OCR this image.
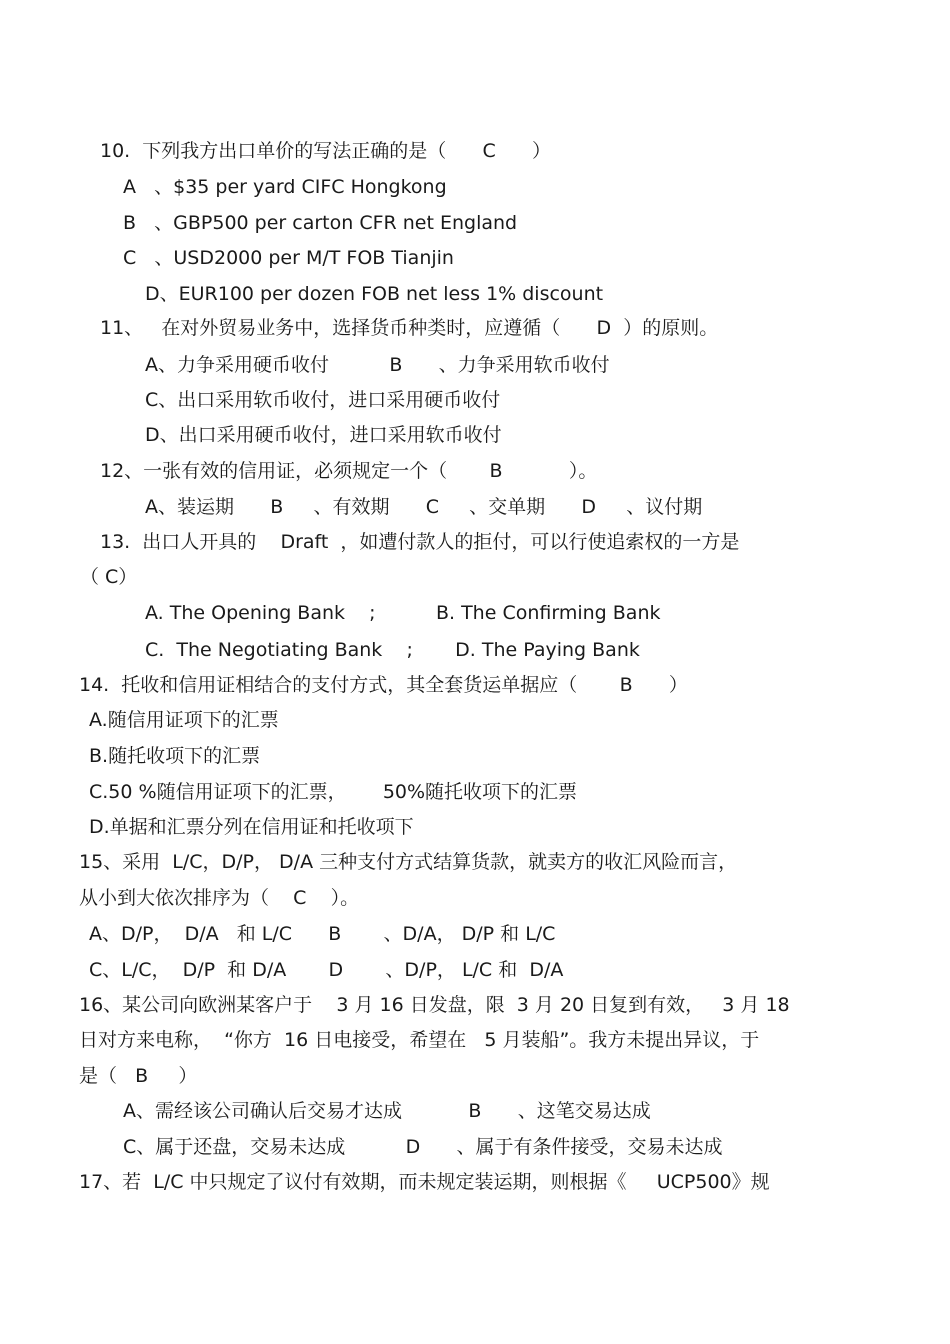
10.  下列我方出口单价的写法正确的是（      C      ）

A   、$35 per yard CIFC Hongkong

B   、GBP500 per carton CFR net England

C   、USD2000 per M/T FOB Tianjin

D、EUR100 per dozen FOB net less 1% discount

11、   在对外贸易业务中，选择货币种类时，应遵循（      D  ）的原则。

A、力争采用硬币收付          B      、力争采用软币收付

C、出口采用软币收付，进口采用硬币收付

D、出口采用硬币收付，进口采用软币收付

12、一张有效的信用证，必须规定一个（       B           ）。

A、装运期      B     、有效期      C     、交单期      D     、议付期

13.  出口人开具的    Draft  ，如遭付款人的拒付，可以行使追索权的一方是

（ C）

A. The Opening Bank    ;          B. The Confirming Bank

C.  The Negotiating Bank    ;       D. The Paying Bank

14.  托收和信用证相结合的支付方式，其全套货运单据应（       B      ）

A.随信用证项下的汇票

B.随托收项下的汇票

C.50 %随信用证项下的汇票，      50%随托收项下的汇票

D.单据和汇票分列在信用证和托收项下

15、采用  L/C，D/P， D/A 三种支付方式结算货款，就卖方的收汇风险而言，

从小到大依次排序为（    C    ）。

A、D/P，  D/A   和 L/C      B       、D/A， D/P 和 L/C

C、L/C，  D/P  和 D/A       D       、D/P， L/C 和  D/A

16、某公司向欧洲某客户于    3 月 16 日发盘，限  3 月 20 日复到有效，   3 月 18

日对方来电称，  “你方  16 日电接受，希望在   5 月装船”。我方未提出异议，于

是（   B     ）

A、需经该公司确认后交易才达成           B      、这笔交易达成

C、属于还盘，交易未达成          D      、属于有条件接受，交易未达成

17、若  L/C 中只规定了议付有效期，而未规定装运期，则根据《     UCP500》规
